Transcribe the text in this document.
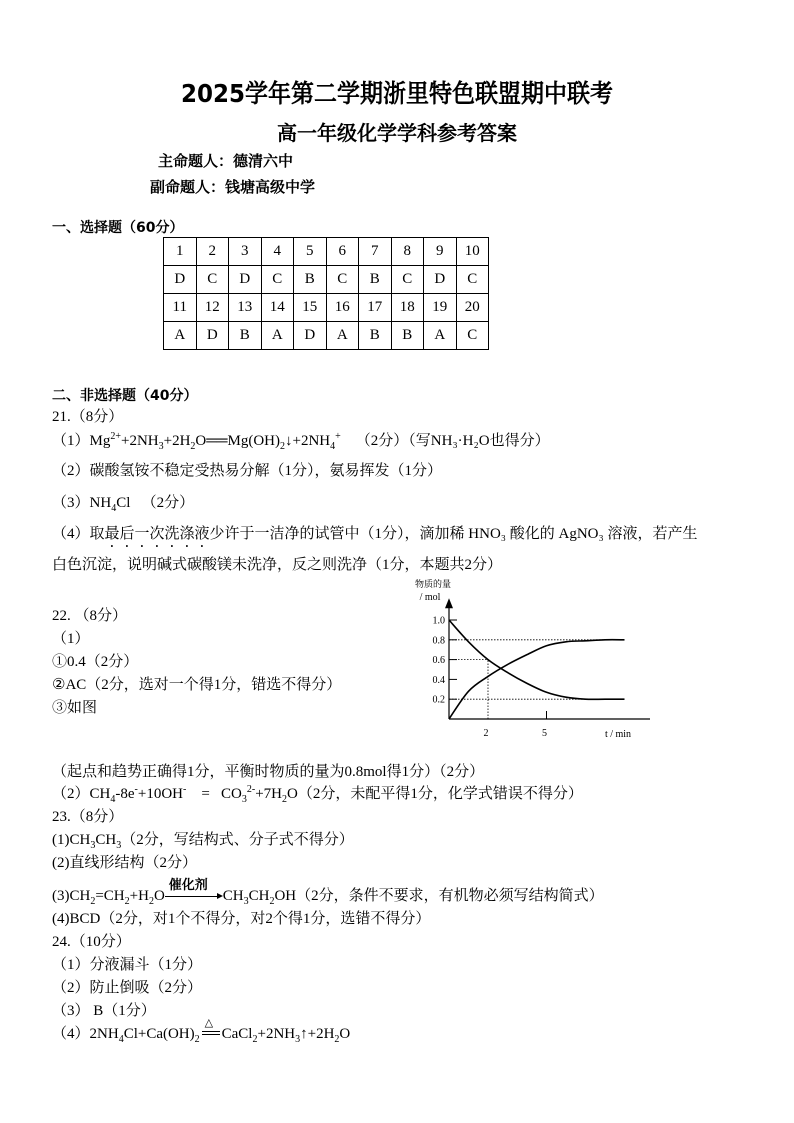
2025学年第二学期浙里特色联盟期中联考
高一年级化学学科参考答案
主命题人：德清六中
副命题人：钱塘高级中学
一、选择题（60分）
1	2	3	4	5	6	7	8	9	10
D	C	D	C	B	C	B	C	D	C
11	12	13	14	15	16	17	18	19	20
A	D	B	A	D	A	B	B	A	C
二、非选择题（40分）
21.（8分）
$(1)Mg^{2+}+2NH_3+2H_2O══Mg(OH)_2↓+2NH_4^+$ （2分）（写NH₃·H₂O也得分）
（2）碳酸氢铵不稳定受热易分解（1分），氨易挥发（1分）
$(3)NH_4Cl$ （2分）
（4）取最后一次洗涤液少许于一洁净的试管中（1分），滴加稀 HNO₃ 酸化的 AgNO₃ 溶液，若产生
白色沉淀，说明碱式碳酸镁未洗净，反之则洗净（1分，本题共2分）
22. （8分）
（1）
①0.4（2分）
②AC（2分，选对一个得1分，错选不得分）
③如图
物质的量
/ mol
t / min
0.2
0.4
0.6
0.8
1.0
2	5
（起点和趋势正确得1分，平衡时物质的量为0.8mol得1分）（2分）
$(2)CH_4-8e^-+10OH^-$    =   $CO_3^{2-}+7H_2O(2$分，未配平得1分，化学式错误不得分）
23.（8分）
$(1)CH_3CH_3(2$分，写结构式、分子式不得分）
(2)直线形结构（2分）
$(3)CH_2=CH_2+H_2O$
催化剂
$CH_3CH_2OH(2$分，条件不要求，有机物必须写结构简式）
(4)BCD（2分，对1个不得分，对2个得1分，选错不得分）
24.（10分）
（1）分液漏斗（1分）
（2）防止倒吸（2分）
（3） B（1分）
$(4)2NH_4Cl+Ca(OH)_2$
△
$CaCl_2+2NH_3↑+2H_2O$
